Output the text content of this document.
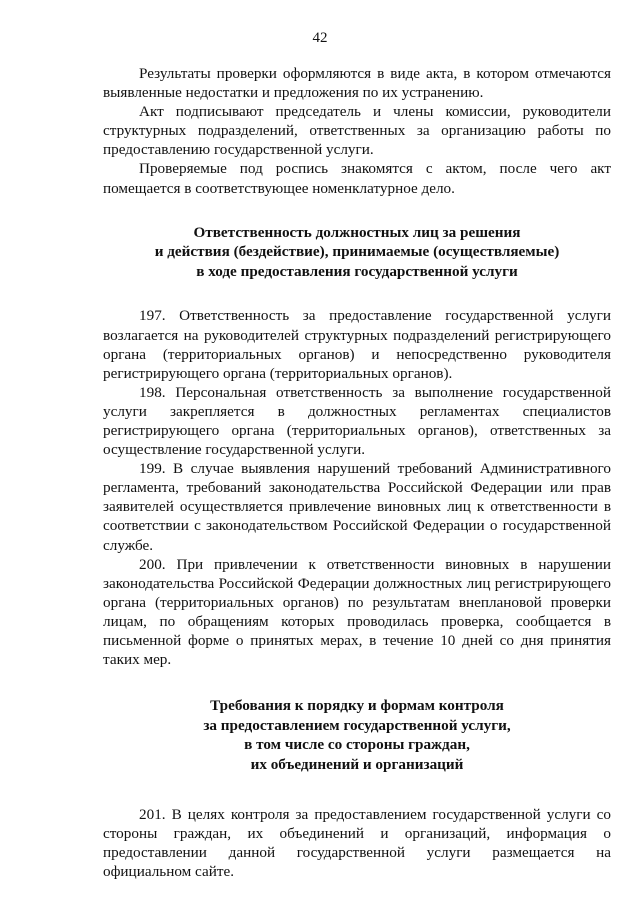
42

Результаты проверки оформляются в виде акта, в котором отмечаются выявленные недостатки и предложения по их устранению.

Акт подписывают председатель и члены комиссии, руководители структурных подразделений, ответственных за организацию работы по предоставлению государственной услуги.

Проверяемые под роспись знакомятся с актом, после чего акт помещается в соответствующее номенклатурное дело.

Ответственность должностных лиц за решения
и действия (бездействие), принимаемые (осуществляемые)
в ходе предоставления государственной услуги

197. Ответственность за предоставление государственной услуги возлагается на руководителей структурных подразделений регистрирующего органа (территориальных органов) и непосредственно руководителя регистрирующего органа (территориальных органов).

198. Персональная ответственность за выполнение государственной услуги закрепляется в должностных регламентах специалистов регистрирующего органа (территориальных органов), ответственных за осуществление государственной услуги.

199. В случае выявления нарушений требований Административного регламента, требований законодательства Российской Федерации или прав заявителей осуществляется привлечение виновных лиц к ответственности в соответствии с законодательством Российской Федерации о государственной службе.

200. При привлечении к ответственности виновных в нарушении законодательства Российской Федерации должностных лиц регистрирующего органа (территориальных органов) по результатам внеплановой проверки лицам, по обращениям которых проводилась проверка, сообщается в письменной форме о принятых мерах, в течение 10 дней со дня принятия таких мер.

Требования к порядку и формам контроля
за предоставлением государственной услуги,
в том числе со стороны граждан,
их объединений и организаций

201. В целях контроля за предоставлением государственной услуги со стороны граждан, их объединений и организаций, информация о предоставлении данной государственной услуги размещается на официальном сайте.
